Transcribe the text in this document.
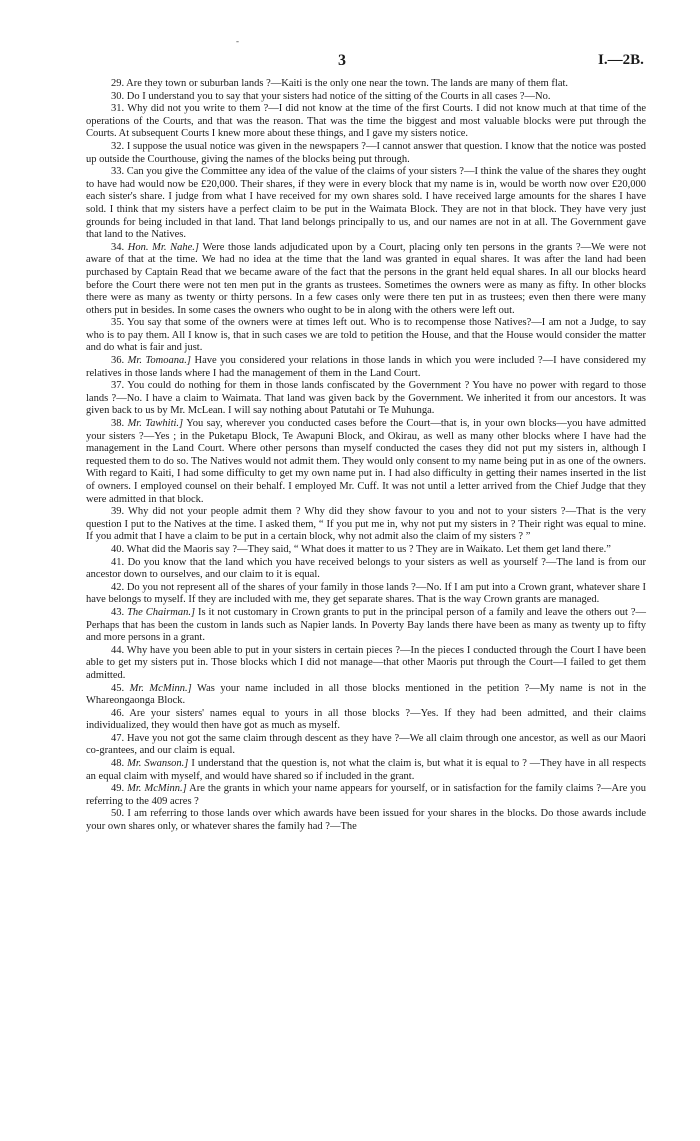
-
3	I.—2B.

29. Are they town or suburban lands ?—Kaiti is the only one near the town. The lands are many of them flat.

30. Do I understand you to say that your sisters had notice of the sitting of the Courts in all cases ?—No.

31. Why did not you write to them ?—I did not know at the time of the first Courts. I did not know much at that time of the operations of the Courts, and that was the reason. That was the time the biggest and most valuable blocks were put through the Courts. At subsequent Courts I knew more about these things, and I gave my sisters notice.

32. I suppose the usual notice was given in the newspapers ?—I cannot answer that question. I know that the notice was posted up outside the Courthouse, giving the names of the blocks being put through.

33. Can you give the Committee any idea of the value of the claims of your sisters ?—I think the value of the shares they ought to have had would now be £20,000. Their shares, if they were in every block that my name is in, would be worth now over £20,000 each sister's share. I judge from what I have received for my own shares sold. I have received large amounts for the shares I have sold. I think that my sisters have a perfect claim to be put in the Waimata Block. They are not in that block. They have very just grounds for being included in that land. That land belongs principally to us, and our names are not in at all. The Government gave that land to the Natives.

34. Hon. Mr. Nahe.] Were those lands adjudicated upon by a Court, placing only ten persons in the grants ?—We were not aware of that at the time. We had no idea at the time that the land was granted in equal shares. It was after the land had been purchased by Captain Read that we became aware of the fact that the persons in the grant held equal shares. In all our blocks heard before the Court there were not ten men put in the grants as trustees. Sometimes the owners were as many as fifty. In other blocks there were as many as twenty or thirty persons. In a few cases only were there ten put in as trustees; even then there were many others put in besides. In some cases the owners who ought to be in along with the others were left out.

35. You say that some of the owners were at times left out. Who is to recompense those Natives?—I am not a Judge, to say who is to pay them. All I know is, that in such cases we are told to petition the House, and that the House would consider the matter and do what is fair and just.

36. Mr. Tomoana.] Have you considered your relations in those lands in which you were included ?—I have considered my relatives in those lands where I had the management of them in the Land Court.

37. You could do nothing for them in those lands confiscated by the Government ? You have no power with regard to those lands ?—No. I have a claim to Waimata. That land was given back by the Government. We inherited it from our ancestors. It was given back to us by Mr. McLean. I will say nothing about Patutahi or Te Muhunga.

38. Mr. Tawhiti.] You say, wherever you conducted cases before the Court—that is, in your own blocks—you have admitted your sisters ?—Yes ; in the Puketapu Block, Te Awapuni Block, and Okirau, as well as many other blocks where I have had the management in the Land Court. Where other persons than myself conducted the cases they did not put my sisters in, although I requested them to do so. The Natives would not admit them. They would only consent to my name being put in as one of the owners. With regard to Kaiti, I had some difficulty to get my own name put in. I had also difficulty in getting their names inserted in the list of owners. I employed counsel on their behalf. I employed Mr. Cuff. It was not until a letter arrived from the Chief Judge that they were admitted in that block.

39. Why did not your people admit them ? Why did they show favour to you and not to your sisters ?—That is the very question I put to the Natives at the time. I asked them, “ If you put me in, why not put my sisters in ? Their right was equal to mine. If you admit that I have a claim to be put in a certain block, why not admit also the claim of my sisters ? ”

40. What did the Maoris say ?—They said, “ What does it matter to us ? They are in Waikato. Let them get land there.”

41. Do you know that the land which you have received belongs to your sisters as well as yourself ?—The land is from our ancestor down to ourselves, and our claim to it is equal.

42. Do you not represent all of the shares of your family in those lands ?—No. If I am put into a Crown grant, whatever share I have belongs to myself. If they are included with me, they get separate shares. That is the way Crown grants are managed.

43. The Chairman.] Is it not customary in Crown grants to put in the principal person of a family and leave the others out ?—Perhaps that has been the custom in lands such as Napier lands. In Poverty Bay lands there have been as many as twenty up to fifty and more persons in a grant.

44. Why have you been able to put in your sisters in certain pieces ?—In the pieces I conducted through the Court I have been able to get my sisters put in. Those blocks which I did not manage—that other Maoris put through the Court—I failed to get them admitted.

45. Mr. McMinn.] Was your name included in all those blocks mentioned in the petition ?—My name is not in the Whareongaonga Block.

46. Are your sisters' names equal to yours in all those blocks ?—Yes. If they had been admitted, and their claims individualized, they would then have got as much as myself.

47. Have you not got the same claim through descent as they have ?—We all claim through one ancestor, as well as our Maori co-grantees, and our claim is equal.

48. Mr. Swanson.] I understand that the question is, not what the claim is, but what it is equal to ? —They have in all respects an equal claim with myself, and would have shared so if included in the grant.

49. Mr. McMinn.] Are the grants in which your name appears for yourself, or in satisfaction for the family claims ?—Are you referring to the 409 acres ?

50. I am referring to those lands over which awards have been issued for your shares in the blocks. Do those awards include your own shares only, or whatever shares the family had ?—The
